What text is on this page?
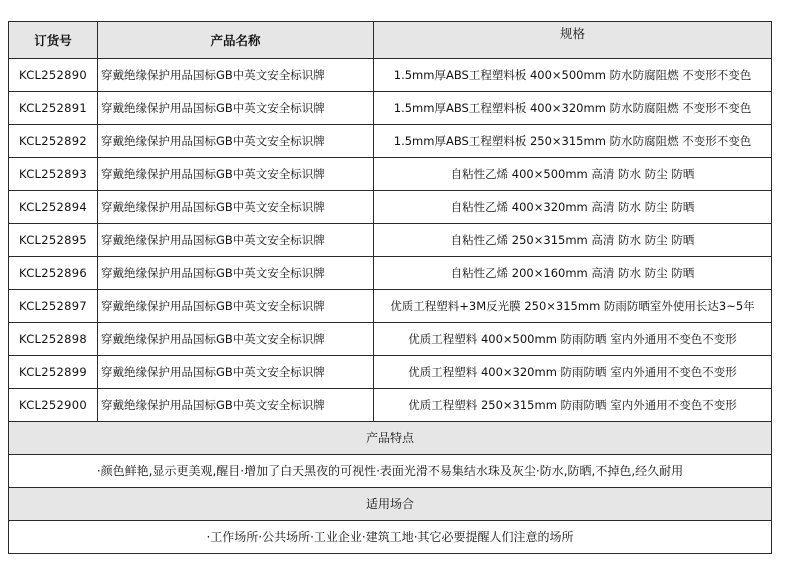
订货号	产品名称	规格
KCL252890	穿戴绝缘保护用品国标GB中英文安全标识牌	1.5mm厚ABS工程塑料板 400×500mm 防水防腐阻燃 不变形不变色
KCL252891	穿戴绝缘保护用品国标GB中英文安全标识牌	1.5mm厚ABS工程塑料板 400×320mm 防水防腐阻燃 不变形不变色
KCL252892	穿戴绝缘保护用品国标GB中英文安全标识牌	1.5mm厚ABS工程塑料板 250×315mm 防水防腐阻燃 不变形不变色
KCL252893	穿戴绝缘保护用品国标GB中英文安全标识牌	自粘性乙烯 400×500mm 高清 防水 防尘 防晒
KCL252894	穿戴绝缘保护用品国标GB中英文安全标识牌	自粘性乙烯 400×320mm 高清 防水 防尘 防晒
KCL252895	穿戴绝缘保护用品国标GB中英文安全标识牌	自粘性乙烯 250×315mm 高清 防水 防尘 防晒
KCL252896	穿戴绝缘保护用品国标GB中英文安全标识牌	自粘性乙烯 200×160mm 高清 防水 防尘 防晒
KCL252897	穿戴绝缘保护用品国标GB中英文安全标识牌	优质工程塑料+3M反光膜 250×315mm 防雨防晒室外使用长达3~5年
KCL252898	穿戴绝缘保护用品国标GB中英文安全标识牌	优质工程塑料 400×500mm 防雨防晒 室内外通用不变色不变形
KCL252899	穿戴绝缘保护用品国标GB中英文安全标识牌	优质工程塑料 400×320mm 防雨防晒 室内外通用不变色不变形
KCL252900	穿戴绝缘保护用品国标GB中英文安全标识牌	优质工程塑料 250×315mm 防雨防晒 室内外通用不变色不变形
产品特点		
·颜色鲜艳,显示更美观,醒目·增加了白天黑夜的可视性·表面光滑不易集结水珠及灰尘·防水,防晒,不掉色,经久耐用		
适用场合		
·工作场所·公共场所·工业企业·建筑工地·其它必要提醒人们注意的场所		
